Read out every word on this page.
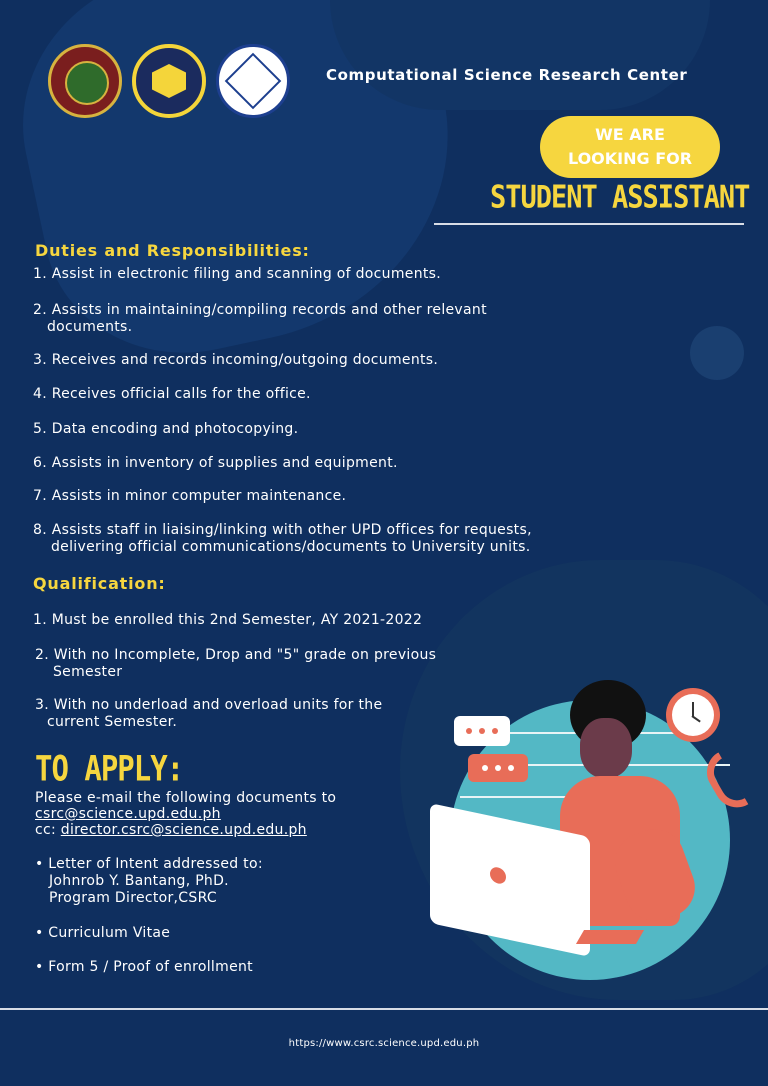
Computational Science Research Center
WE ARE
LOOKING FOR
STUDENT ASSISTANT
Duties and Responsibilities:
1. Assist in electronic filing and scanning of documents.
2. Assists in maintaining/compiling records and other relevant
documents.
3. Receives and records incoming/outgoing documents.
4. Receives official calls for the office.
5. Data encoding and photocopying.
6. Assists in inventory of supplies and equipment.
7. Assists in minor computer maintenance.
8. Assists staff in liaising/linking with other UPD offices for requests,
delivering official communications/documents to University units.
Qualification:
1. Must be enrolled this 2nd Semester, AY 2021-2022
2. With no Incomplete, Drop and "5" grade on previous
Semester
3. With no underload and overload units for the
current Semester.
TO APPLY:
Please e-mail the following documents to
csrc@science.upd.edu.ph
cc: director.csrc@science.upd.edu.ph
• Letter of Intent addressed to:
Johnrob Y. Bantang, PhD.
Program Director,CSRC
• Curriculum Vitae
• Form 5 / Proof of enrollment
https://www.csrc.science.upd.edu.ph
